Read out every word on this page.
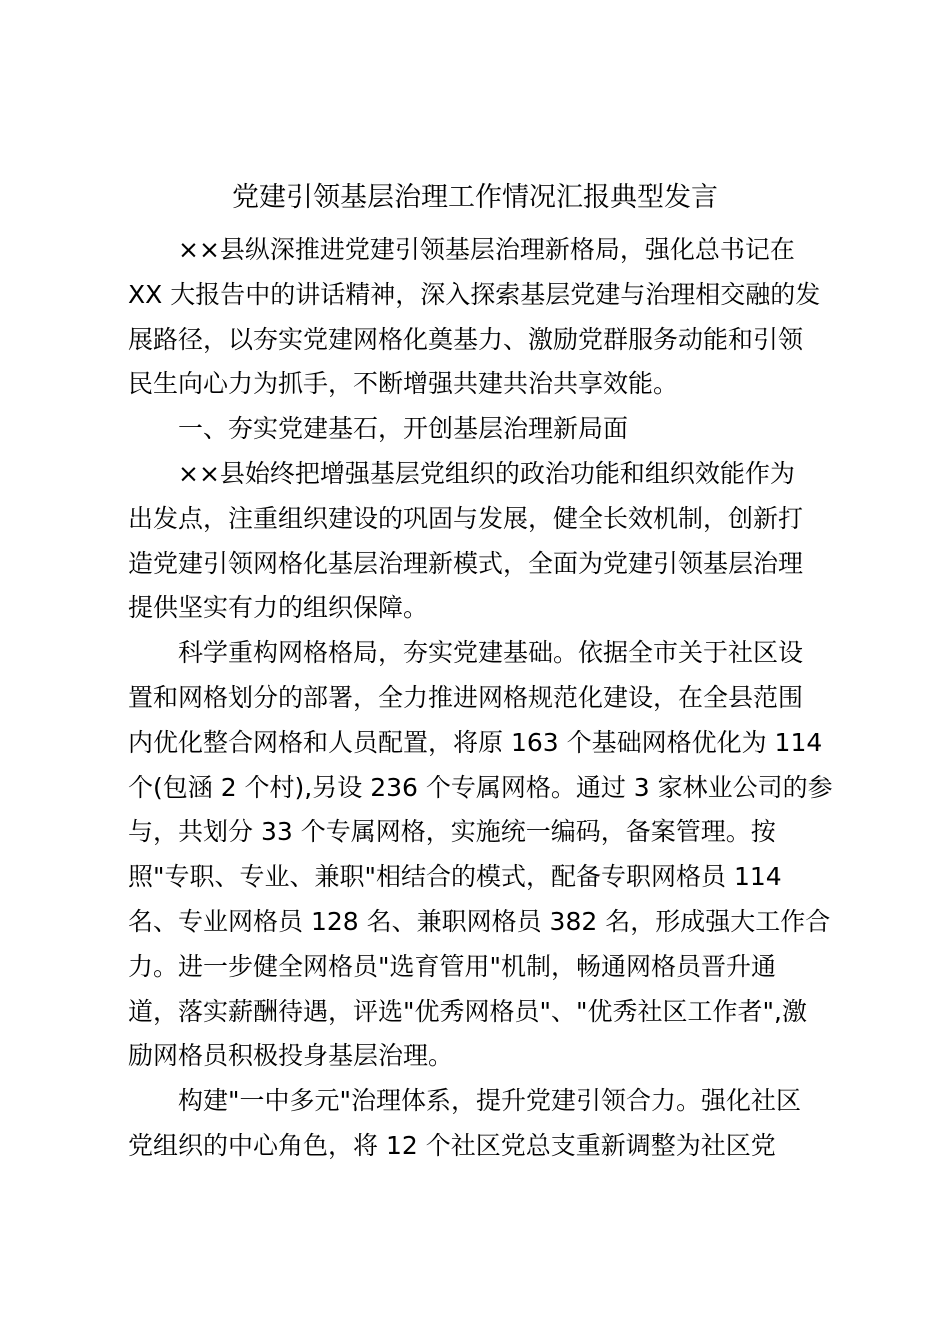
党建引领基层治理工作情况汇报典型发言

××县纵深推进党建引领基层治理新格局，强化总书记在
XX 大报告中的讲话精神，深入探索基层党建与治理相交融的发
展路径，以夯实党建网格化奠基力、激励党群服务动能和引领
民生向心力为抓手，不断增强共建共治共享效能。

一、夯实党建基石，开创基层治理新局面

××县始终把增强基层党组织的政治功能和组织效能作为
出发点，注重组织建设的巩固与发展，健全长效机制，创新打
造党建引领网格化基层治理新模式，全面为党建引领基层治理
提供坚实有力的组织保障。

科学重构网格格局，夯实党建基础。依据全市关于社区设
置和网格划分的部署，全力推进网格规范化建设，在全县范围
内优化整合网格和人员配置，将原 163 个基础网格优化为 114
个(包涵 2 个村),另设 236 个专属网格。通过 3 家林业公司的参
与，共划分 33 个专属网格，实施统一编码，备案管理。按
照"专职、专业、兼职"相结合的模式，配备专职网格员 114
名、专业网格员 128 名、兼职网格员 382 名，形成强大工作合
力。进一步健全网格员"选育管用"机制，畅通网格员晋升通
道，落实薪酬待遇，评选"优秀网格员"、"优秀社区工作者",激
励网格员积极投身基层治理。

构建"一中多元"治理体系，提升党建引领合力。强化社区
党组织的中心角色，将 12 个社区党总支重新调整为社区党
